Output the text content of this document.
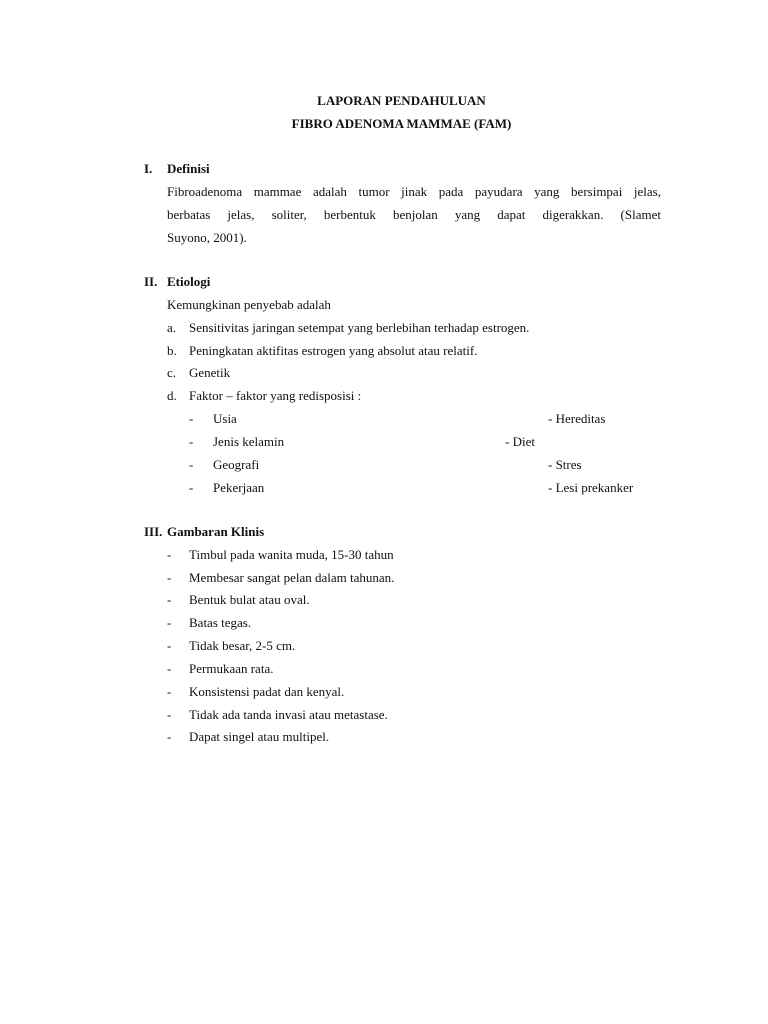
LAPORAN PENDAHULUAN
FIBRO ADENOMA MAMMAE (FAM)
I. Definisi
Fibroadenoma mammae adalah tumor jinak pada payudara yang bersimpai jelas,
berbatas jelas, soliter, berbentuk benjolan yang dapat digerakkan. (Slamet
Suyono, 2001).
II. Etiologi
Kemungkinan penyebab adalah
a. Sensitivitas jaringan setempat yang berlebihan terhadap estrogen.
b. Peningkatan aktifitas estrogen yang absolut atau relatif.
c. Genetik
d. Faktor – faktor yang redisposisi :
- Usia	- Hereditas
- Jenis kelamin	- Diet
- Geografi	- Stres
- Pekerjaan	- Lesi prekanker
III. Gambaran Klinis
- Timbul pada wanita muda, 15-30 tahun
- Membesar sangat pelan dalam tahunan.
- Bentuk bulat atau oval.
- Batas tegas.
- Tidak besar, 2-5 cm.
- Permukaan rata.
- Konsistensi padat dan kenyal.
- Tidak ada tanda invasi atau metastase.
- Dapat singel atau multipel.
